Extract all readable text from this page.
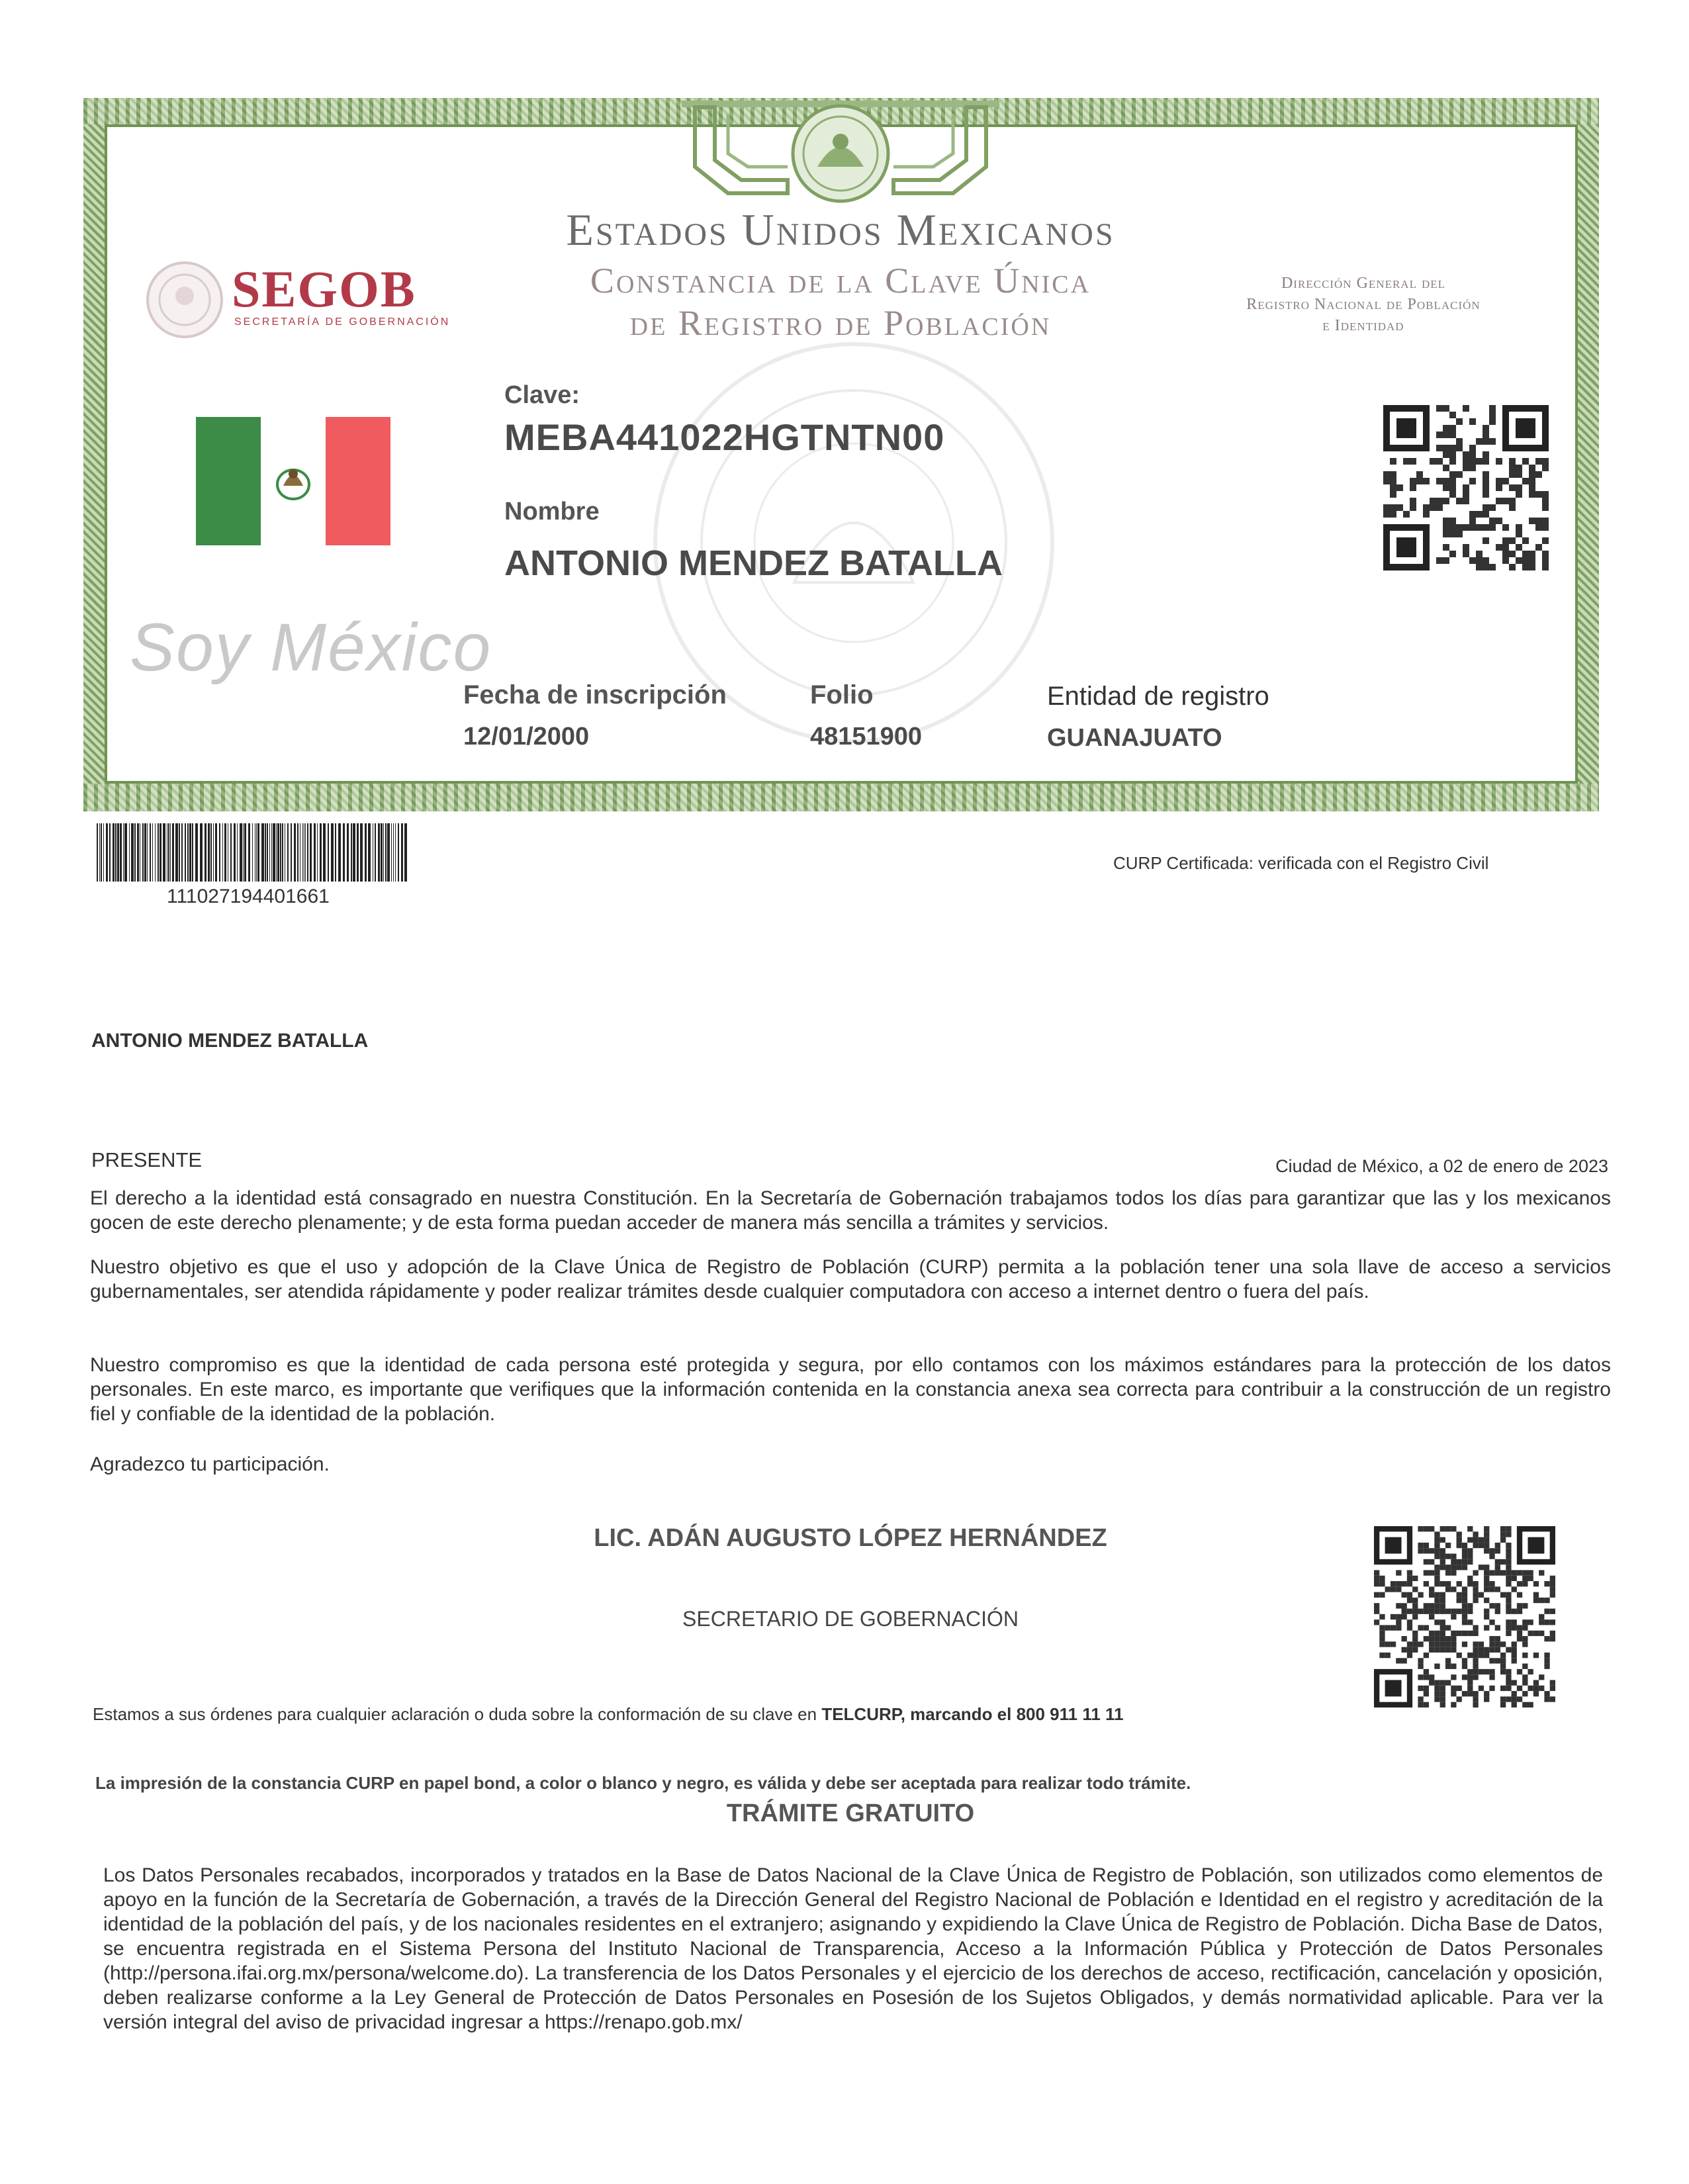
SEGOB
SECRETARÍA DE GOBERNACIÓN
Estados Unidos Mexicanos
Constancia de la Clave Única
de Registro de Población
Dirección General del
Registro Nacional de Población
e Identidad
Soy México
Clave:
MEBA441022HGTNTN00
Nombre
ANTONIO MENDEZ BATALLA
Fecha de inscripción
12/01/2000
Folio
48151900
Entidad de registro
GUANAJUATO
111027194401661
CURP Certificada: verificada con el Registro Civil
ANTONIO MENDEZ BATALLA
PRESENTE	Ciudad de México, a 02 de enero de 2023
El derecho a la identidad está consagrado en nuestra Constitución. En la Secretaría de Gobernación trabajamos todos los días para garantizar que las y los mexicanos gocen de este derecho plenamente; y de esta forma puedan acceder de manera más sencilla a trámites y servicios.
Nuestro objetivo es que el uso y adopción de la Clave Única de Registro de Población (CURP) permita a la población tener una sola llave de acceso a servicios gubernamentales, ser atendida rápidamente y poder realizar trámites desde cualquier computadora con acceso a internet dentro o fuera del país.
Nuestro compromiso es que la identidad de cada persona esté protegida y segura, por ello contamos con los máximos estándares para la protección de los datos personales. En este marco, es importante que verifiques que la información contenida en la constancia anexa sea correcta para contribuir a la construcción de un registro fiel y confiable de la identidad de la población.
Agradezco tu participación.
LIC. ADÁN AUGUSTO LÓPEZ HERNÁNDEZ
SECRETARIO DE GOBERNACIÓN
Estamos a sus órdenes para cualquier aclaración o duda sobre la conformación de su clave en TELCURP, marcando el 800 911 11 11
La impresión de la constancia CURP en papel bond, a color o blanco y negro, es válida y debe ser aceptada para realizar todo trámite.
TRÁMITE GRATUITO
Los Datos Personales recabados, incorporados y tratados en la Base de Datos Nacional de la Clave Única de Registro de Población, son utilizados como elementos de apoyo en la función de la Secretaría de Gobernación, a través de la Dirección General del Registro Nacional de Población e Identidad en el registro y acreditación de la identidad de la población del país, y de los nacionales residentes en el extranjero; asignando y expidiendo la Clave Única de Registro de Población. Dicha Base de Datos, se encuentra registrada en el Sistema Persona del Instituto Nacional de Transparencia, Acceso a la Información Pública y Protección de Datos Personales (http://persona.ifai.org.mx/persona/welcome.do). La transferencia de los Datos Personales y el ejercicio de los derechos de acceso, rectificación, cancelación y oposición, deben realizarse conforme a la Ley General de Protección de Datos Personales en Posesión de los Sujetos Obligados, y demás normatividad aplicable. Para ver la versión integral del aviso de privacidad ingresar a https://renapo.gob.mx/
